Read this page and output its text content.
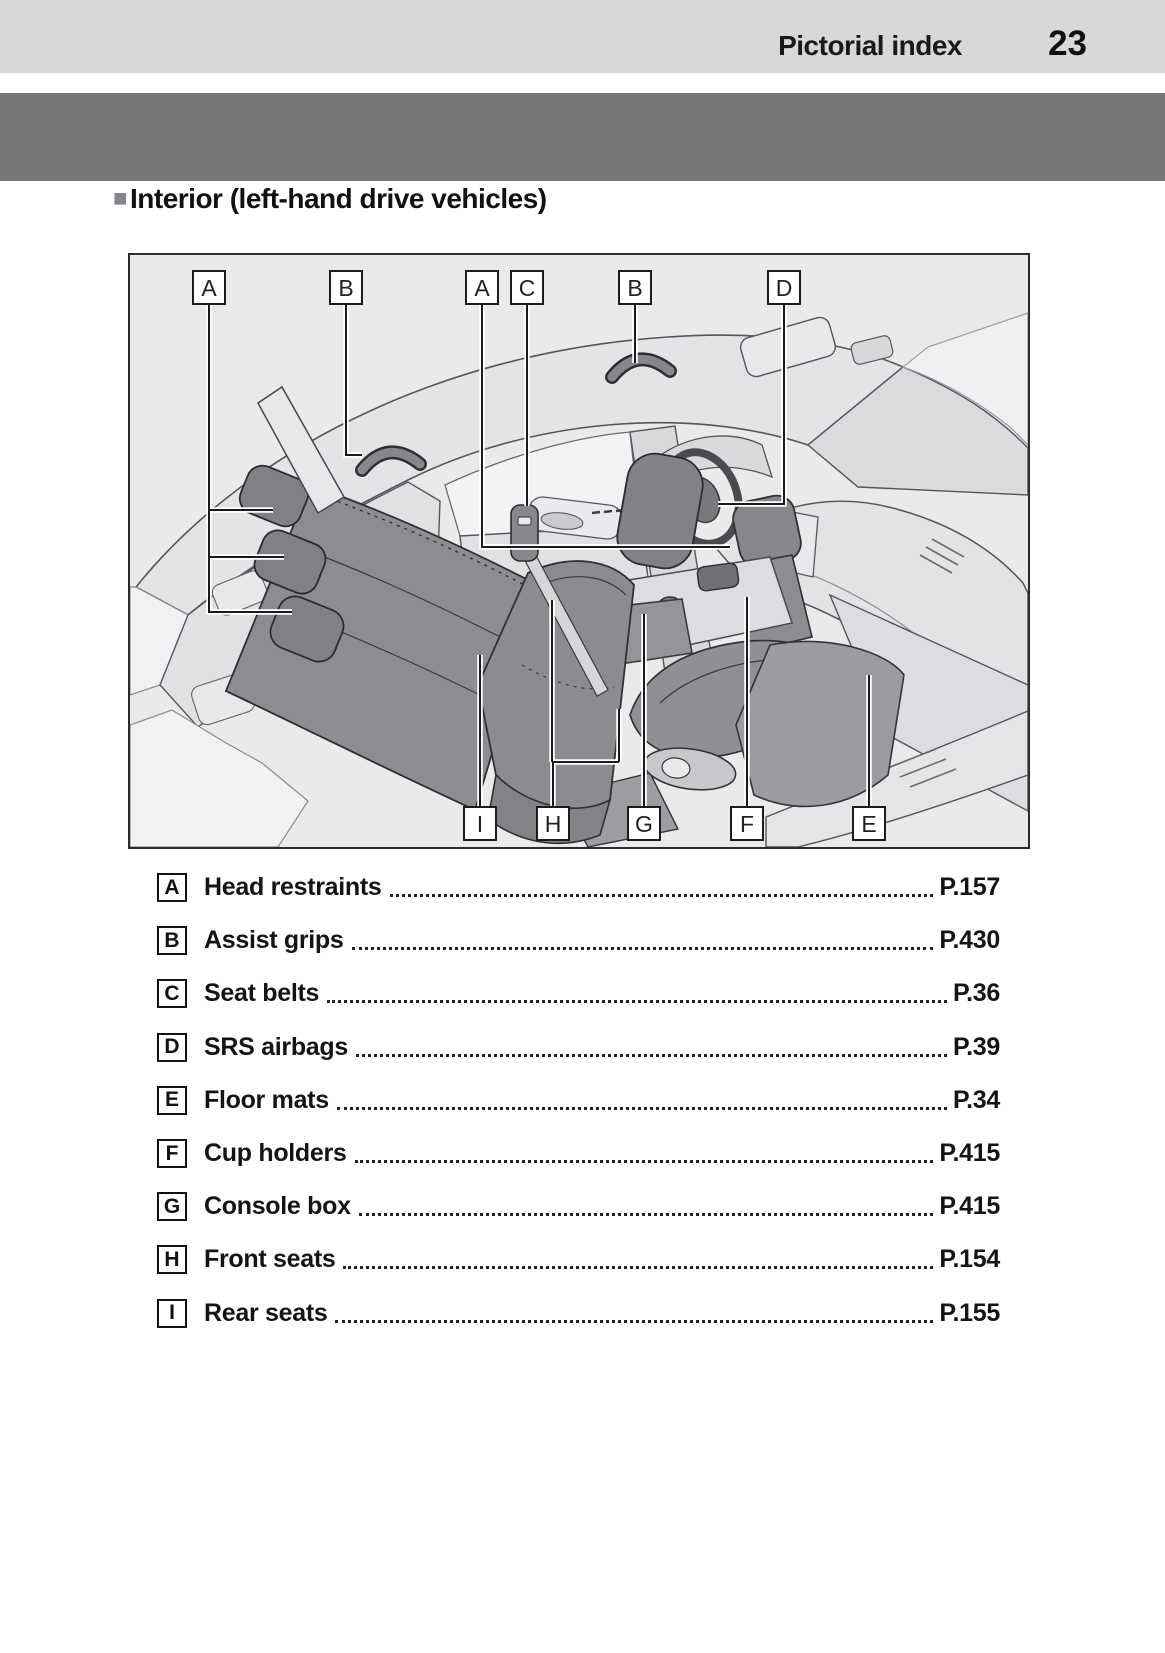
Pictorial index 23
■ Interior (left-hand drive vehicles)
A	B	A C	B	D
I	H	G	F	E
A Head restraints	P.157
B Assist grips	P.430
C Seat belts	P.36
D SRS airbags	P.39
E	Floor mats	P.34
F	Cup holders	P.415
G Console box	P.415
H Front seats	P.154
I	Rear seats	P.155
